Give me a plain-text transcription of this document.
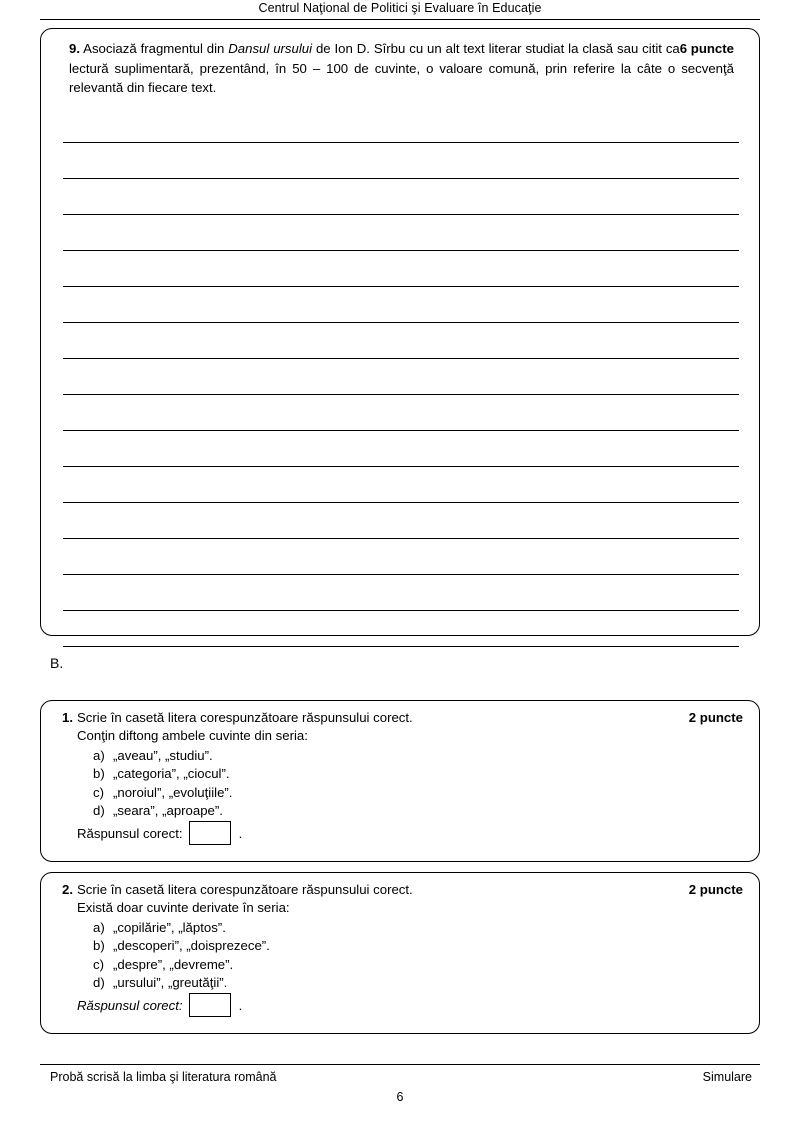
Centrul Naţional de Politici şi Evaluare în Educaţie
6 puncte
9. Asociază fragmentul din Dansul ursului de Ion D. Sîrbu cu un alt text literar studiat la clasă sau citit ca lectură suplimentară, prezentând, în 50 – 100 de cuvinte, o valoare comună, prin referire la câte o secvenţă relevantă din fiecare text.
B.
1. Scrie în casetă litera corespunzătoare răspunsului corect.	2 puncte
Conţin diftong ambele cuvinte din seria:
a) „aveau”, „studiu”.
b) „categoria”, „ciocul”.
c) „noroiul”, „evoluţiile”.
d) „seara”, „aproape”.
Răspunsul corect:	.
2. Scrie în casetă litera corespunzătoare răspunsului corect.	2 puncte
Există doar cuvinte derivate în seria:
a) „copilărie”, „lăptos”.
b) „descoperi”, „doisprezece”.
c) „despre”, „devreme”.
d) „ursului”, „greutăţii”.
Răspunsul corect:	.
Probă scrisă la limba şi literatura română	Simulare
6
